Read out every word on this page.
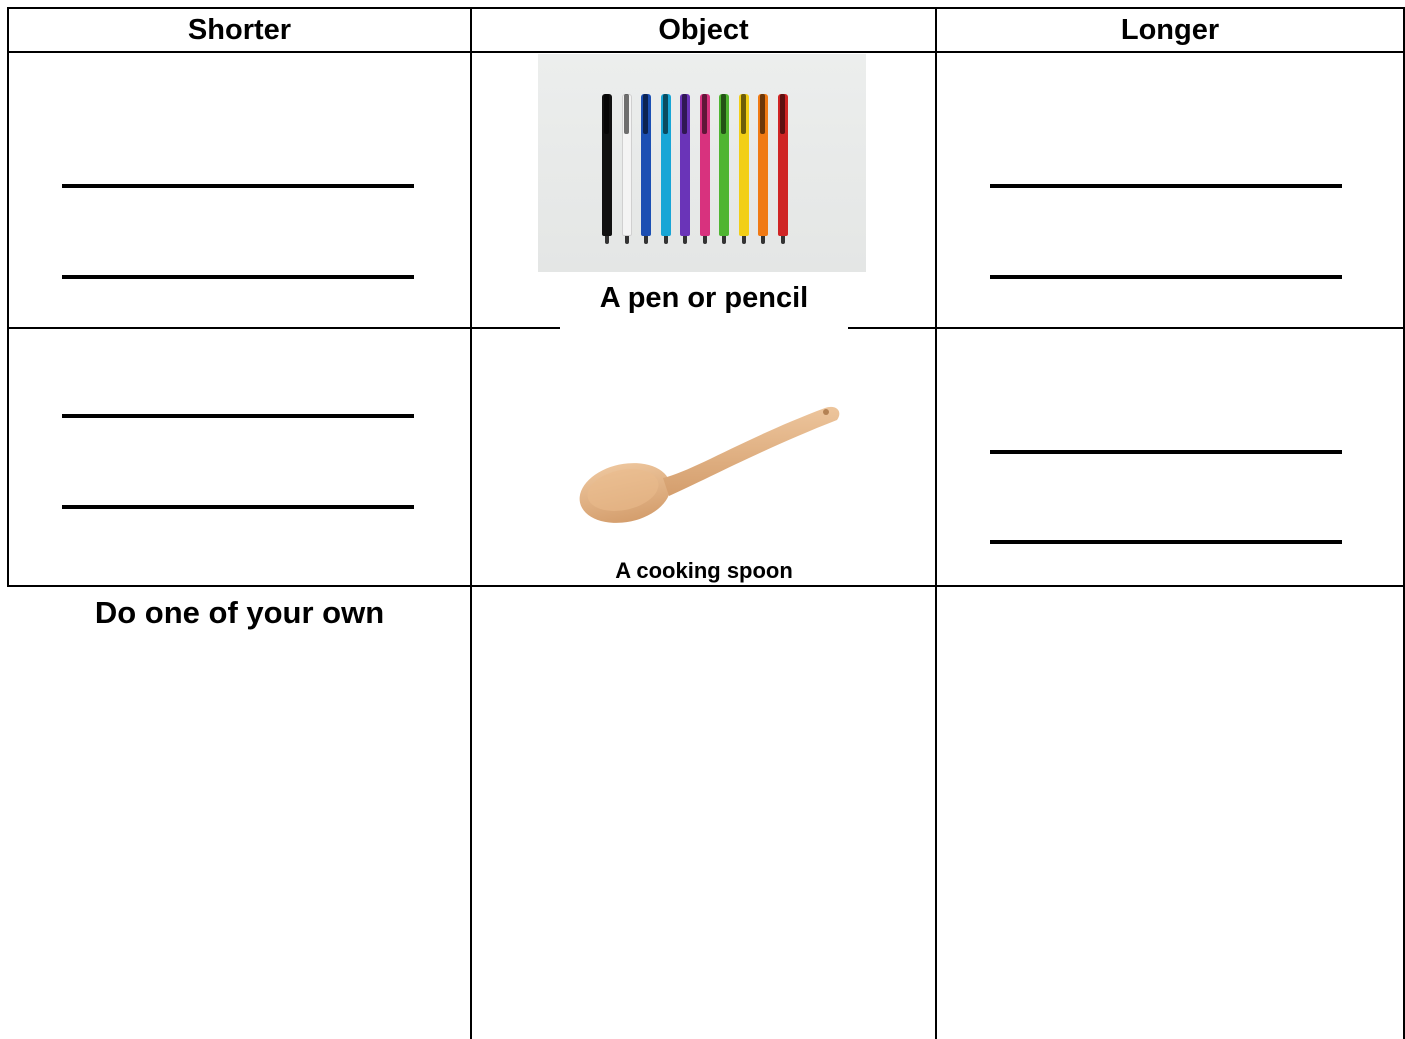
Shorter	Object	Longer
A pen or pencil
A cooking spoon
Do one of your own
